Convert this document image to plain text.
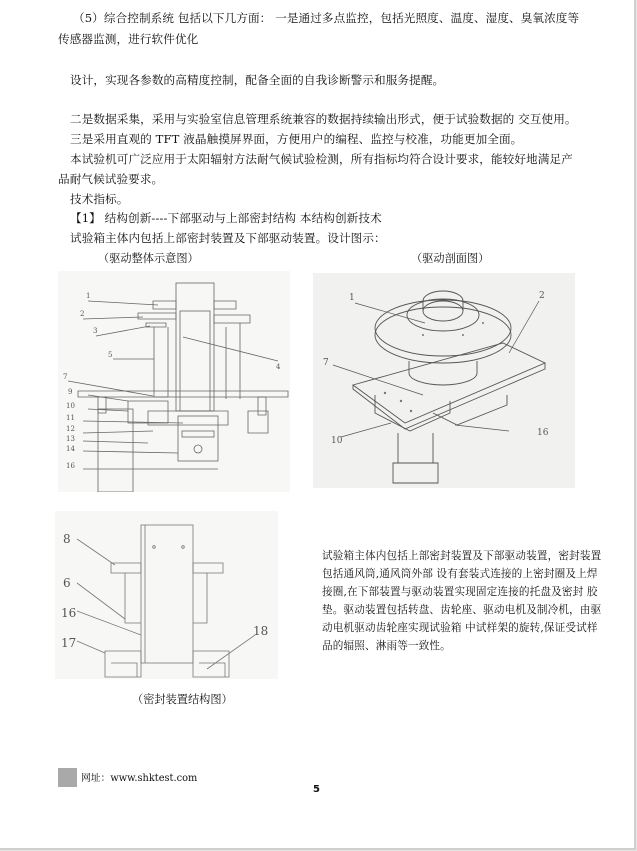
（5）综合控制系统 包括以下几方面： 一是通过多点监控，包括光照度、温度、湿度、臭氧浓度等
传感器监测，进行软件优化
设计，实现各参数的高精度控制，配备全面的自我诊断警示和服务提醒。
二是数据采集，采用与实验室信息管理系统兼容的数据持续输出形式，便于试验数据的 交互使用。
三是采用直观的 TFT 液晶触摸屏界面，方便用户的编程、监控与校准，功能更加全面。
本试验机可广泛应用于太阳辐射方法耐气候试验检测，所有指标均符合设计要求，能较好地满足产
品耐气候试验要求。
技术指标。
【1】 结构创新----下部驱动与上部密封结构 本结构创新技术
试验箱主体内包括上部密封装置及下部驱动装置。设计图示：
（驱动整体示意图）	（驱动剖面图）
1
2
3
4
5
7
9
10
11
12
13
14
16
1	2
7
10
16
8
6
16
17
18
试验箱主体内包括上部密封装置及下部驱动装置，密封装置
包括通风筒,通风筒外部 设有套装式连接的上密封圈及上焊
接圈,在下部装置与驱动装置实现固定连接的托盘及密封 胶
垫。驱动装置包括转盘、齿轮座、驱动电机及制冷机，由驱
动电机驱动齿轮座实现试验箱 中试样架的旋转,保证受试样
品的辐照、淋雨等一致性。
（密封装置结构图）
网址：www.shktest.com
5
